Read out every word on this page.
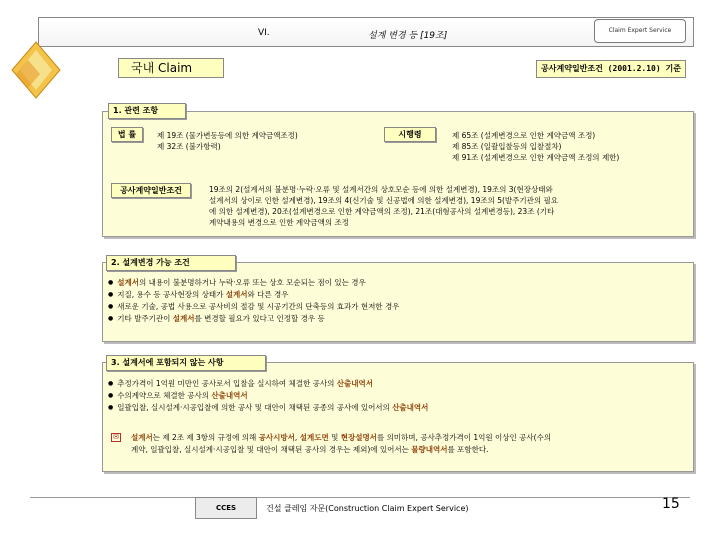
VI.	설계 변경 등 [19조]
Claim Expert Service
국내 Claim	공사계약일반조건 (2001.2.10) 기준
1. 관련 조항
법 률	제 19조 (물가변동등에 의한 계약금액조정)
제 32조 (불가항력)
시행령	제 65조 (설계변경으로 인한 계약금액 조정)
제 85조 (일괄입찰등의 입찰절차)
제 91조 (설계변경으로 인한 계약금액 조정의 제한)
공사계약일반조건	19조의 2(설계서의 불분명·누락·오류 및 설계서간의 상호모순 등에 의한 설계변경), 19조의 3(현장상태와
설계서의 상이로 인한 설계변경), 19조의 4(신기술 및 신공법에 의한 설계변경), 19조의 5(발주기관의 필요
에 의한 설계변경), 20조(설계변경으로 인한 계약금액의 조정), 21조(대형공사의 설계변경등), 23조 (기타
계약내용의 변경으로 인한 계약금액의 조정
2. 설계변경 가능 조건
● 설계서의 내용이 불분명하거나 누락·오류 또는 상호 모순되는 점이 있는 경우
● 지질, 용수 등 공사현장의 상태가 설계서와 다른 경우
● 새로운 기술, 공법 사용으로 공사비의 절감 및 시공기간의 단축등의 효과가 현저한 경우
● 기타 발주기관이 설계서를 변경할 필요가 있다고 인정할 경우 등
3. 설계서에 포함되지 않는 사항
● 추정가격이 1억원 미만인 공사로서 입찰을 실시하여 체결한 공사의 산출내역서
● 수의계약으로 체결한 공사의 산출내역서
● 일괄입찰, 실시설계·시공입찰에 의한 공사 및 대안이 채택된 공종의 공사에 있어서의 산출내역서
✉ 설계서는 제 2조 제 3항의 규정에 의해 공사시방서, 설계도면 및 현장설명서를 의미하며, 공사추정가격이 1억원 이상인 공사(수의
계약, 일괄입찰, 실시설계·시공입찰 및 대안이 채택된 공사의 경우는 제외)에 있어서는 물량내역서를 포함한다.
CCES	건설 클레임 자문(Construction Claim Expert Service)	15
